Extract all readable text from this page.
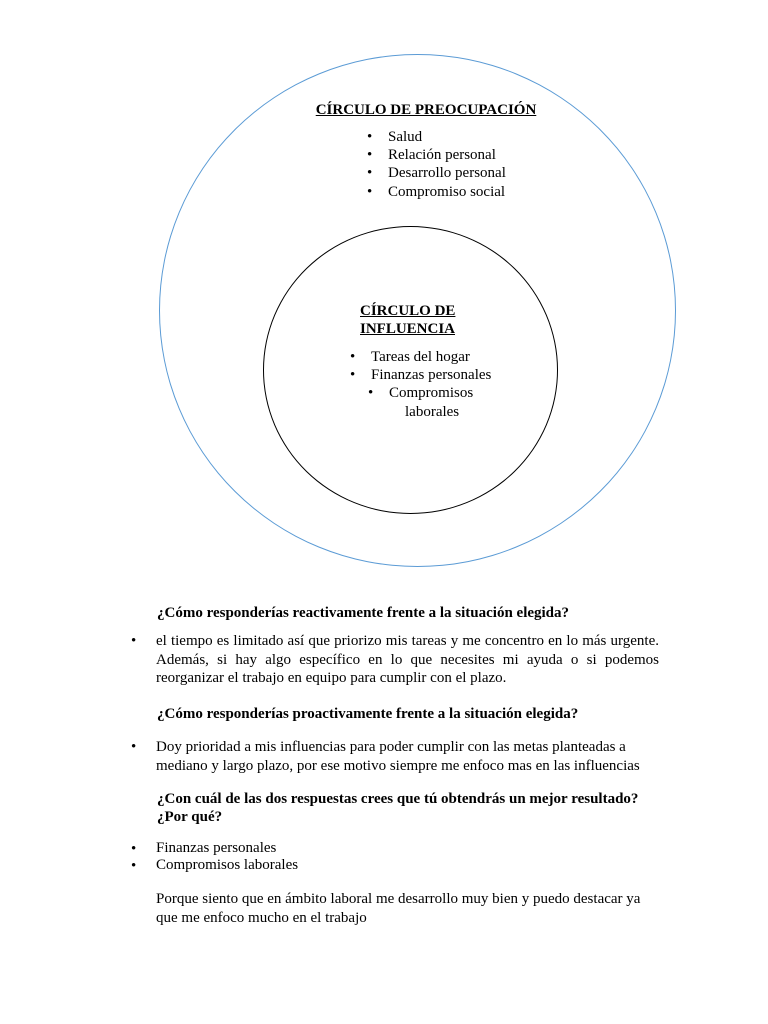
CÍRCULO DE PREOCUPACIÓN

• Salud
• Relación personal
• Desarrollo personal
• Compromiso social

CÍRCULO DE
INFLUENCIA

• Tareas del hogar
• Finanzas personales
• Compromisos
laborales

¿Cómo responderías reactivamente frente a la situación elegida?

• el tiempo es limitado así que priorizo mis tareas y me concentro en lo más urgente. Además, si hay algo específico en lo que necesites mi ayuda o si podemos reorganizar el trabajo en equipo para cumplir con el plazo.

¿Cómo responderías proactivamente frente a la situación elegida?

• Doy prioridad a mis influencias para poder cumplir con las metas planteadas a mediano y largo plazo, por ese motivo siempre me enfoco mas en las influencias

¿Con cuál de las dos respuestas crees que tú obtendrás un mejor resultado? ¿Por qué?

• Finanzas personales

• Compromisos laborales

Porque siento que en ámbito laboral me desarrollo muy bien y puedo destacar ya que me enfoco mucho en el trabajo
